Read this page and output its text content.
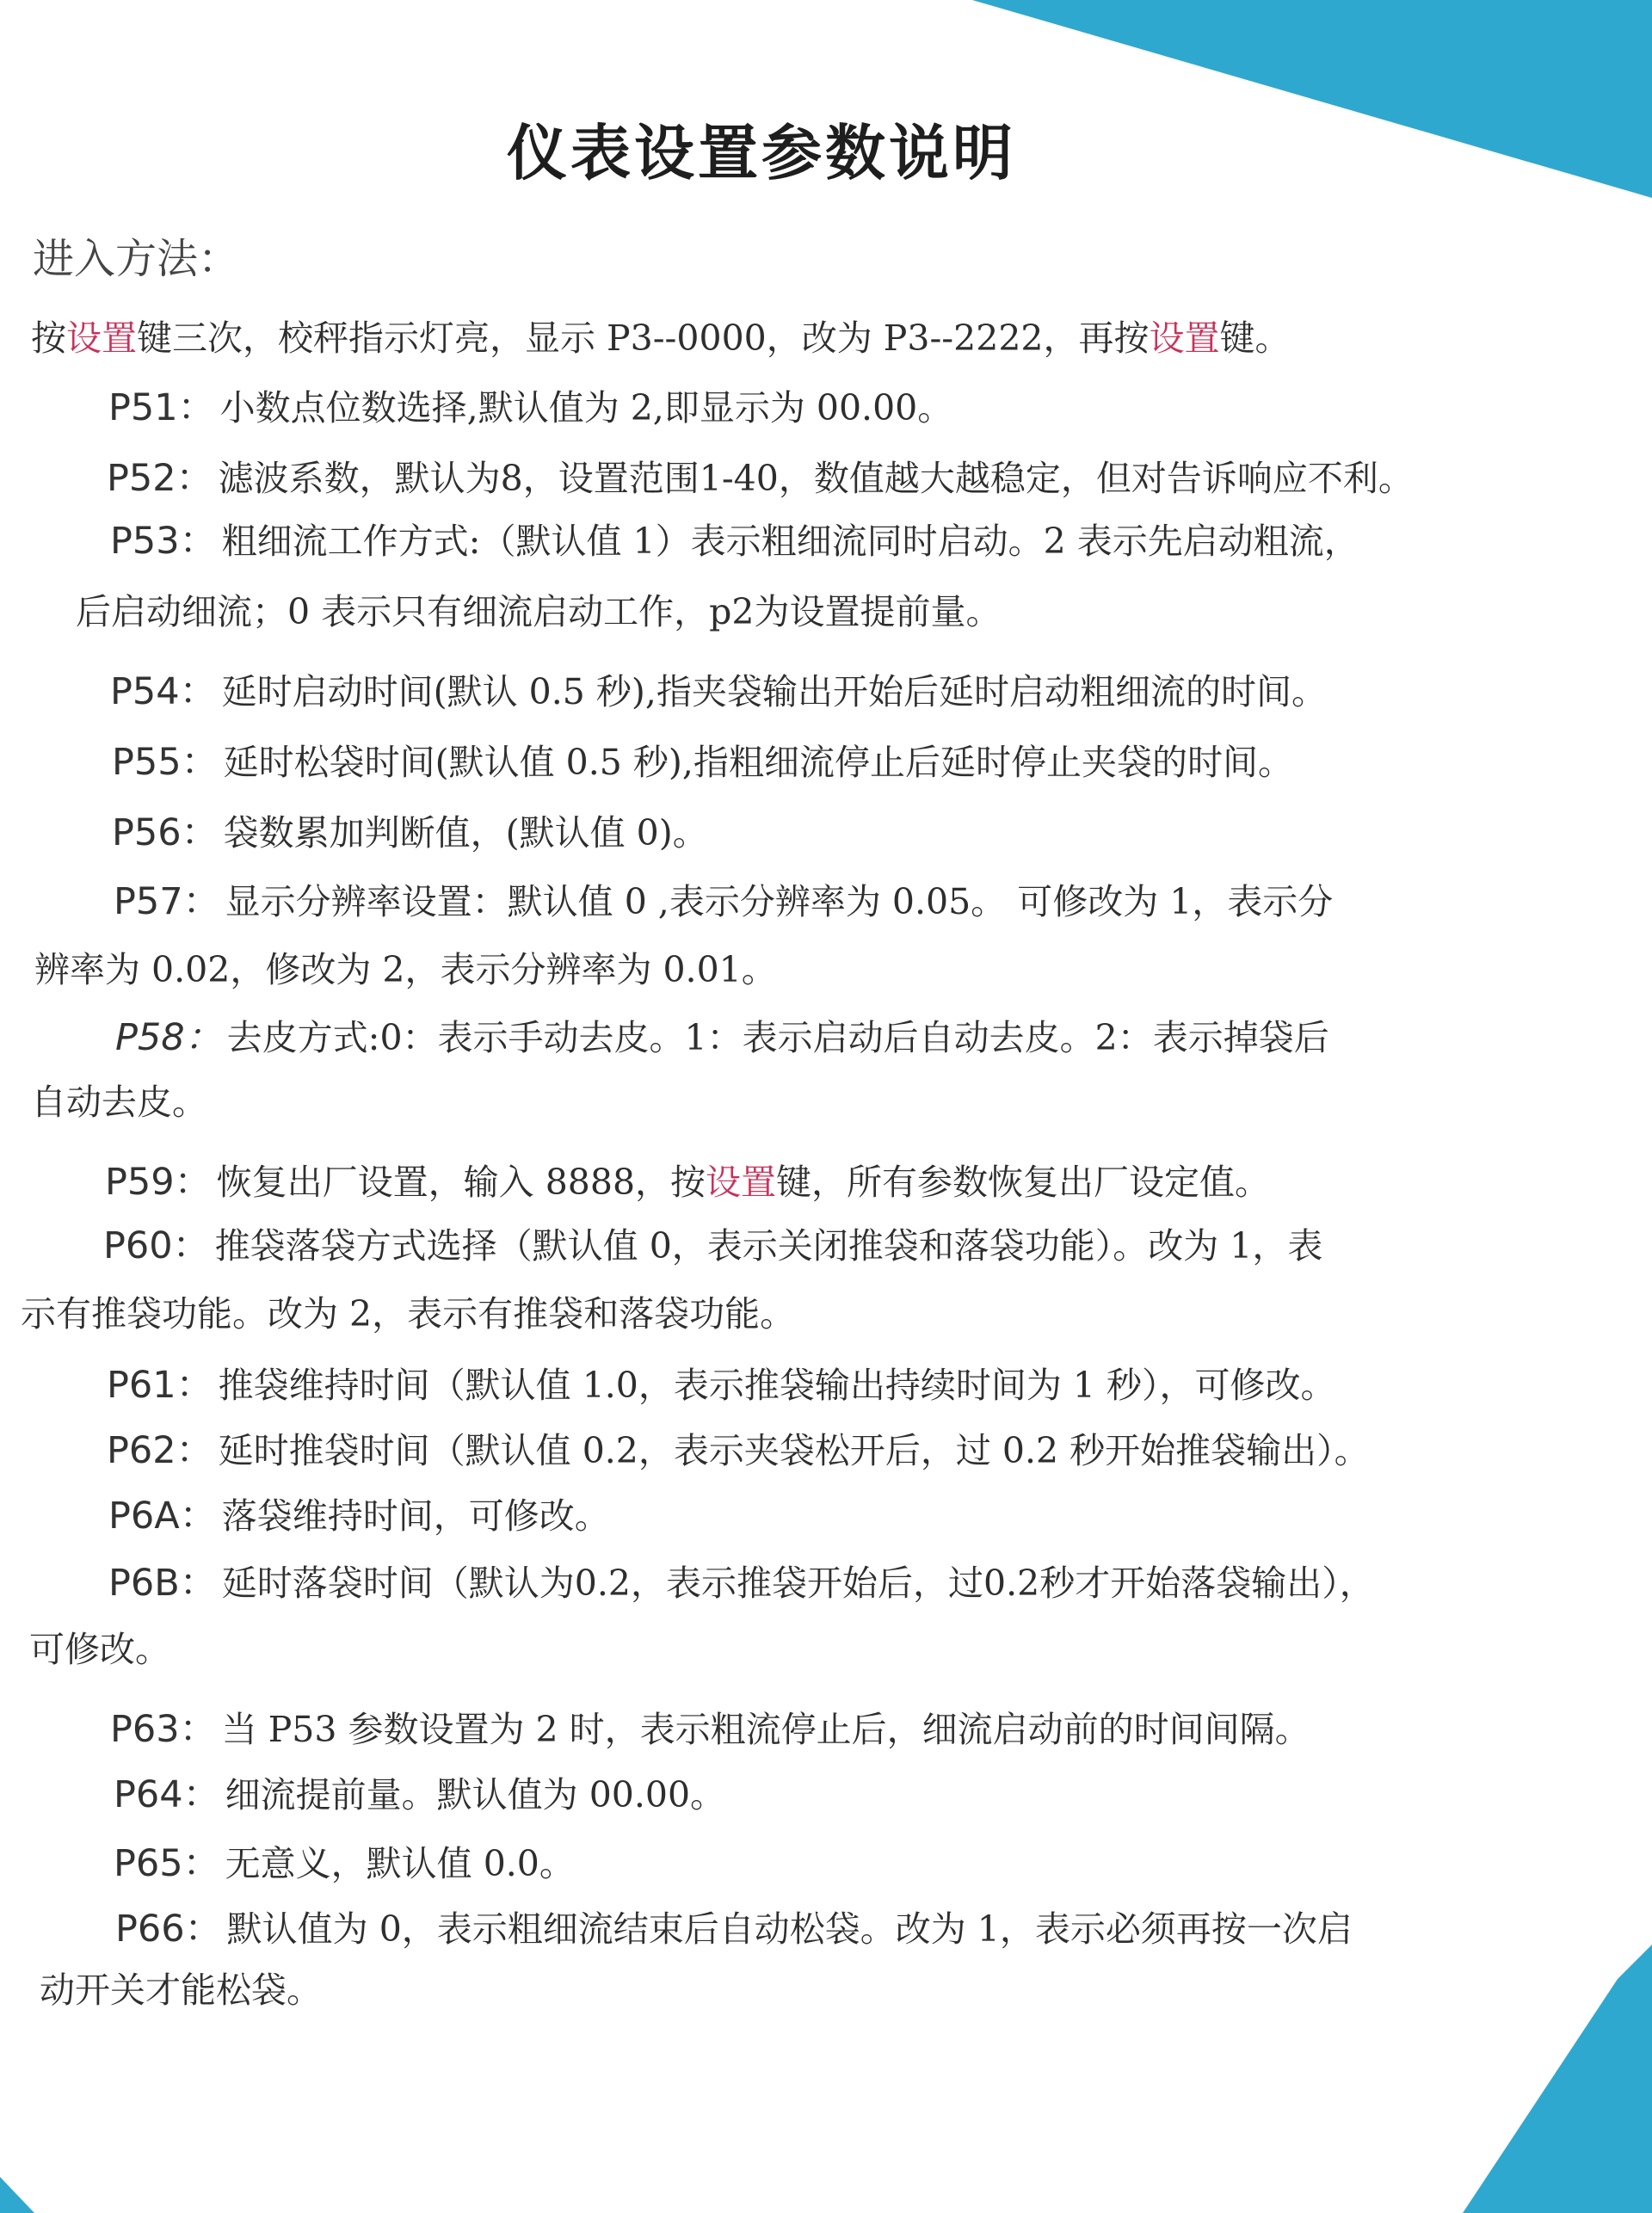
仪表设置参数说明
进入方法：
按设置键三次，校秤指示灯亮，显示 P3--0000，改为 P3--2222，再按设置键。
P51： 小数点位数选择,默认值为 2,即显示为 00.00。
P52： 滤波系数，默认为8，设置范围1-40，数值越大越稳定，但对告诉响应不利。
P53： 粗细流工作方式:（默认值 1）表示粗细流同时启动。2 表示先启动粗流，
后启动细流；0 表示只有细流启动工作，p2为设置提前量。
P54： 延时启动时间(默认 0.5 秒),指夹袋输出开始后延时启动粗细流的时间。
P55： 延时松袋时间(默认值 0.5 秒),指粗细流停止后延时停止夹袋的时间。
P56： 袋数累加判断值，(默认值 0)。
P57： 显示分辨率设置：默认值 0 ,表示分辨率为 0.05。 可修改为 1，表示分
辨率为 0.02，修改为 2，表示分辨率为 0.01。
P58： 去皮方式:0：表示手动去皮。1：表示启动后自动去皮。2：表示掉袋后
自动去皮。
P59： 恢复出厂设置，输入 8888，按设置键，所有参数恢复出厂设定值。
P60： 推袋落袋方式选择（默认值 0，表示关闭推袋和落袋功能）。改为 1，表
示有推袋功能。改为 2，表示有推袋和落袋功能。
P61： 推袋维持时间（默认值 1.0，表示推袋输出持续时间为 1 秒），可修改。
P62： 延时推袋时间（默认值 0.2，表示夹袋松开后，过 0.2 秒开始推袋输出）。
P6A： 落袋维持时间，可修改。
P6B： 延时落袋时间（默认为0.2，表示推袋开始后，过0.2秒才开始落袋输出），
可修改。
P63： 当 P53 参数设置为 2 时，表示粗流停止后，细流启动前的时间间隔。
P64： 细流提前量。默认值为 00.00。
P65： 无意义，默认值 0.0。
P66： 默认值为 0，表示粗细流结束后自动松袋。改为 1，表示必须再按一次启
动开关才能松袋。
